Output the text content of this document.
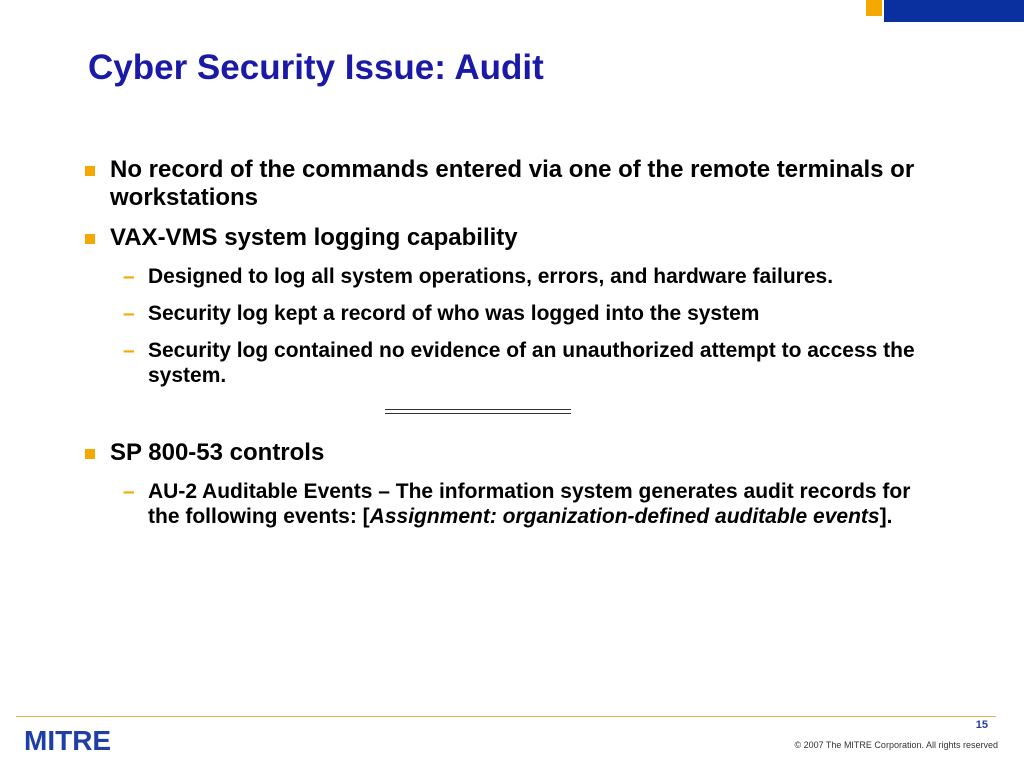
Cyber Security Issue: Audit
No record of the commands entered via one of the remote terminals or workstations
VAX-VMS system logging capability
– Designed to log all system operations, errors, and hardware failures.
– Security log kept a record of who was logged into the system
– Security log contained no evidence of an unauthorized attempt to access the system.
SP 800-53 controls
– AU-2 Auditable Events – The information system generates audit records for the following events: [Assignment: organization-defined auditable events].
MITRE	15
© 2007 The MITRE Corporation. All rights reserved
